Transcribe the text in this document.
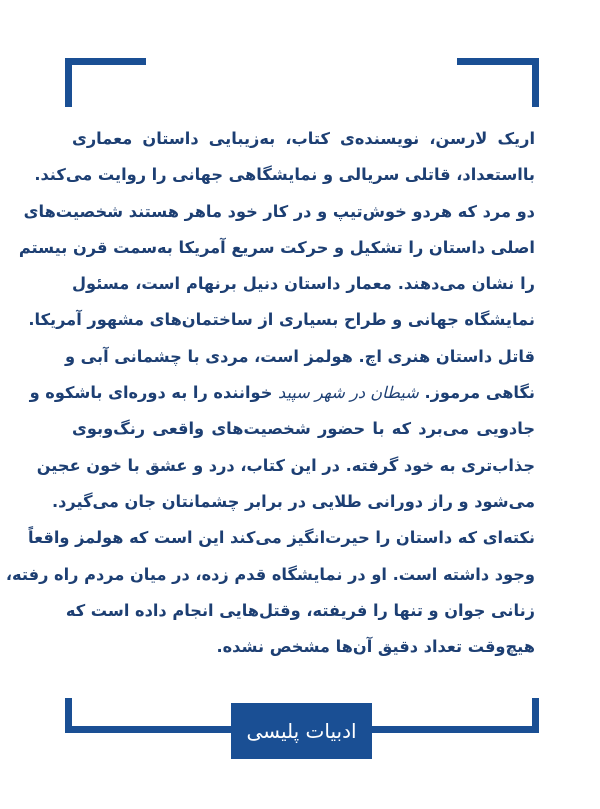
اریک لارسن، نویسنده‌ی کتاب، به‌زیبایی داستان معماری
بااستعداد، قاتلی سریالی و نمایشگاهی جهانی را روایت می‌کند.
دو مرد که هردو خوش‌تیپ و در کار خود ماهر هستند شخصیت‌های
اصلی داستان را تشکیل و حرکت سریع آمریکا به‌سمت قرن بیستم
را نشان می‌دهند. معمار داستان دنیل برنهام است، مسئول
نمایشگاه جهانی و طراح بسیاری از ساختمان‌های مشهور آمریکا.
قاتل داستان هنری اچ. هولمز است، مردی با چشمانی آبی و
نگاهی مرموز. شیطان در شهر سپید خواننده را به دوره‌ای باشکوه و
جادویی می‌برد که با حضور شخصیت‌های واقعی رنگ‌وبوی
جذاب‌تری به خود گرفته. در این کتاب، درد و عشق با خون عجین
می‌شود و راز دورانی طلایی در برابر چشمانتان جان می‌گیرد.
نکته‌ای که داستان را حیرت‌انگیز می‌کند این است که هولمز واقعاً
وجود داشته است. او در نمایشگاه قدم زده، در میان مردم راه رفته،
زنانی جوان و تنها را فریفته، وقتل‌هایی انجام داده است که
هیچ‌وقت تعداد دقیق آن‌ها مشخص نشده.
ادبیات پلیسی
